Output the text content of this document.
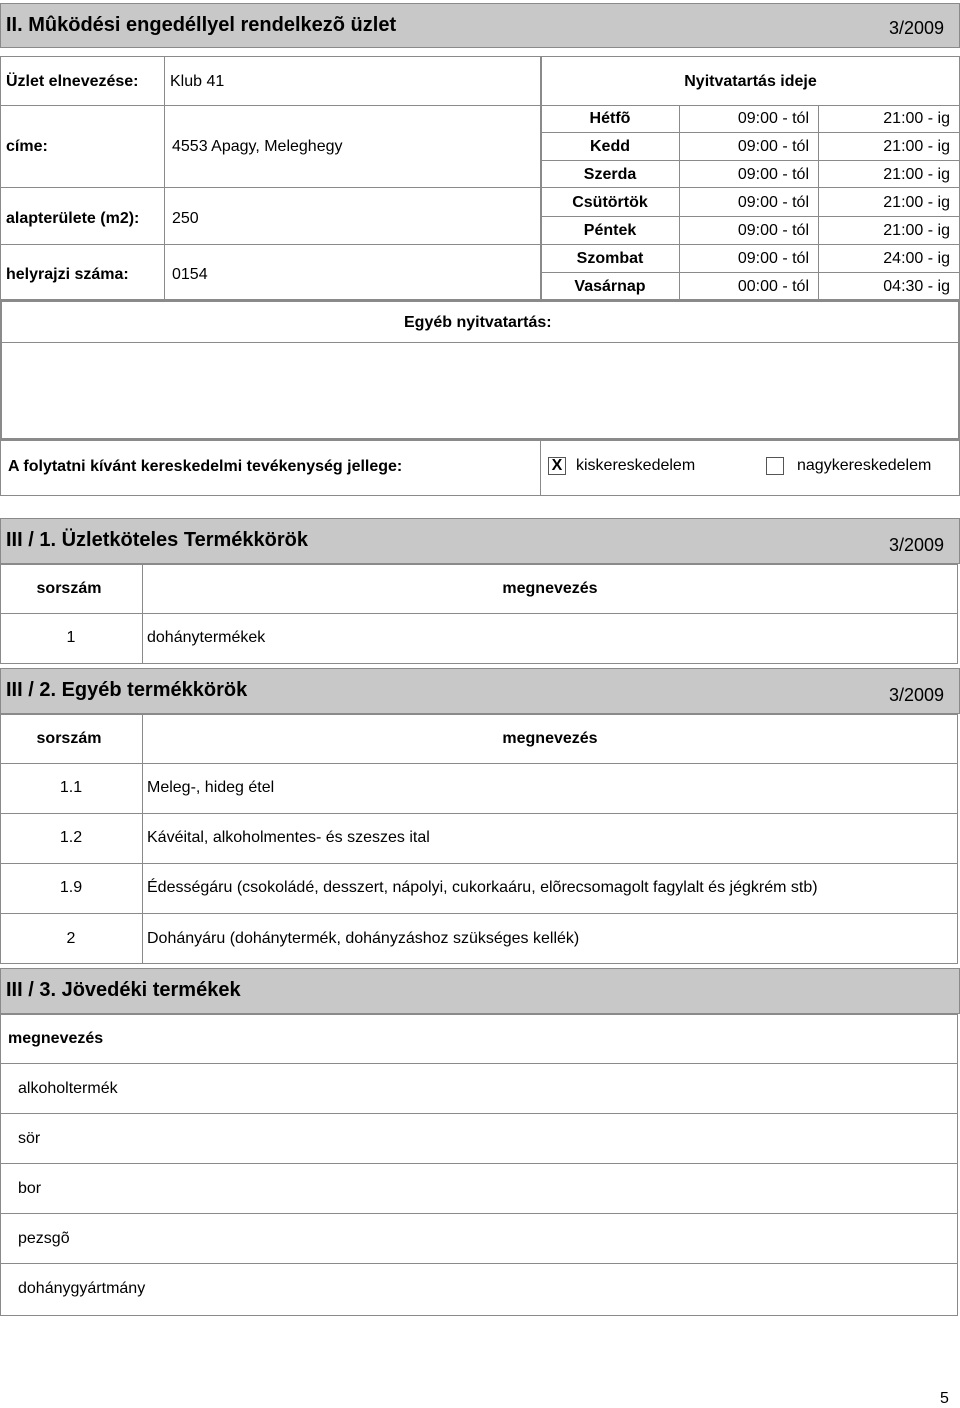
II. Mûködési engedéllyel rendelkezõ üzlet	3/2009
Üzlet elnevezése: Klub 41
címe:	4553 Apagy, Meleghegy
alapterülete (m2): 250
helyrajzi száma:	0154
Nyitvatartás ideje
Hétfõ	09:00 - tól	21:00 - ig
Kedd	09:00 - tól	21:00 - ig
Szerda	09:00 - tól	21:00 - ig
Csütörtök	09:00 - tól	21:00 - ig
Péntek	09:00 - tól	21:00 - ig
Szombat	09:00 - tól	24:00 - ig
Vasárnap	00:00 - tól	04:30 - ig
Egyéb nyitvatartás:
A folytatni kívánt kereskedelmi tevékenység jellege:	X kiskereskedelem	nagykereskedelem
III / 1. Üzletköteles Termékkörök	3/2009
sorszám	megnevezés
1	dohánytermékek
III / 2. Egyéb termékkörök	3/2009
sorszám	megnevezés
1.1	Meleg-, hideg étel
1.2	Kávéital, alkoholmentes- és szeszes ital
1.9	Édességáru (csokoládé, desszert, nápolyi, cukorkaáru, elõrecsomagolt fagylalt és jégkrém stb)
2	Dohányáru (dohánytermék, dohányzáshoz szükséges kellék)
III / 3. Jövedéki termékek
megnevezés
alkoholtermék
sör
bor
pezsgõ
dohánygyártmány
5
